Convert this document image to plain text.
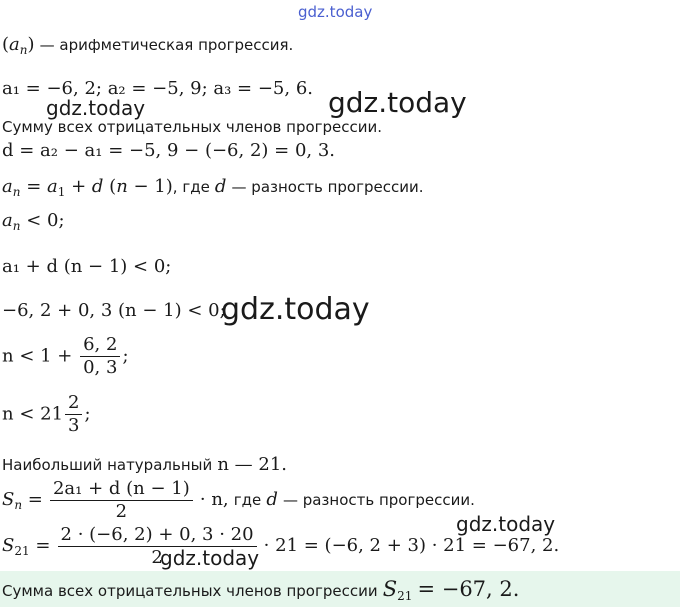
gdz.today
gdz.today	gdz.today
gdz.today
gdz.today
gdz.today
$(a_n)$ — арифметическая прогрессия.
a₁ = −6, 2; a₂ = −5, 9; a₃ = −5, 6.
Сумму всех отрицательных членов прогрессии.
d = a₂ − a₁ = −5, 9 − (−6, 2) = 0, 3.
$a_n = a_1 + d$ (n − 1), где d — разность прогрессии.
$a_n < 0$;
a₁ + d (n − 1) < 0;
−6, 2 + 0, 3 (n − 1) < 0;
$n < 1 + \frac{6, 2}{0, 3}$ ;
$n < 21 \frac{2}{3}$ ;
Наибольший натуральный n — 21.
$S_n = \frac{\text{2a₁ + d (n − 1)}}{2} \cdot n$, где d — разность прогрессии.
$S_{21} = \frac{2 \cdot (-6, 2) + 0, 3 \cdot 20}{2} \cdot 21 = (-6$, 2 + 3) · 21 = −67, 2.
Сумма всех отрицательных членов прогрессии $S_{21} = -67$, 2.
